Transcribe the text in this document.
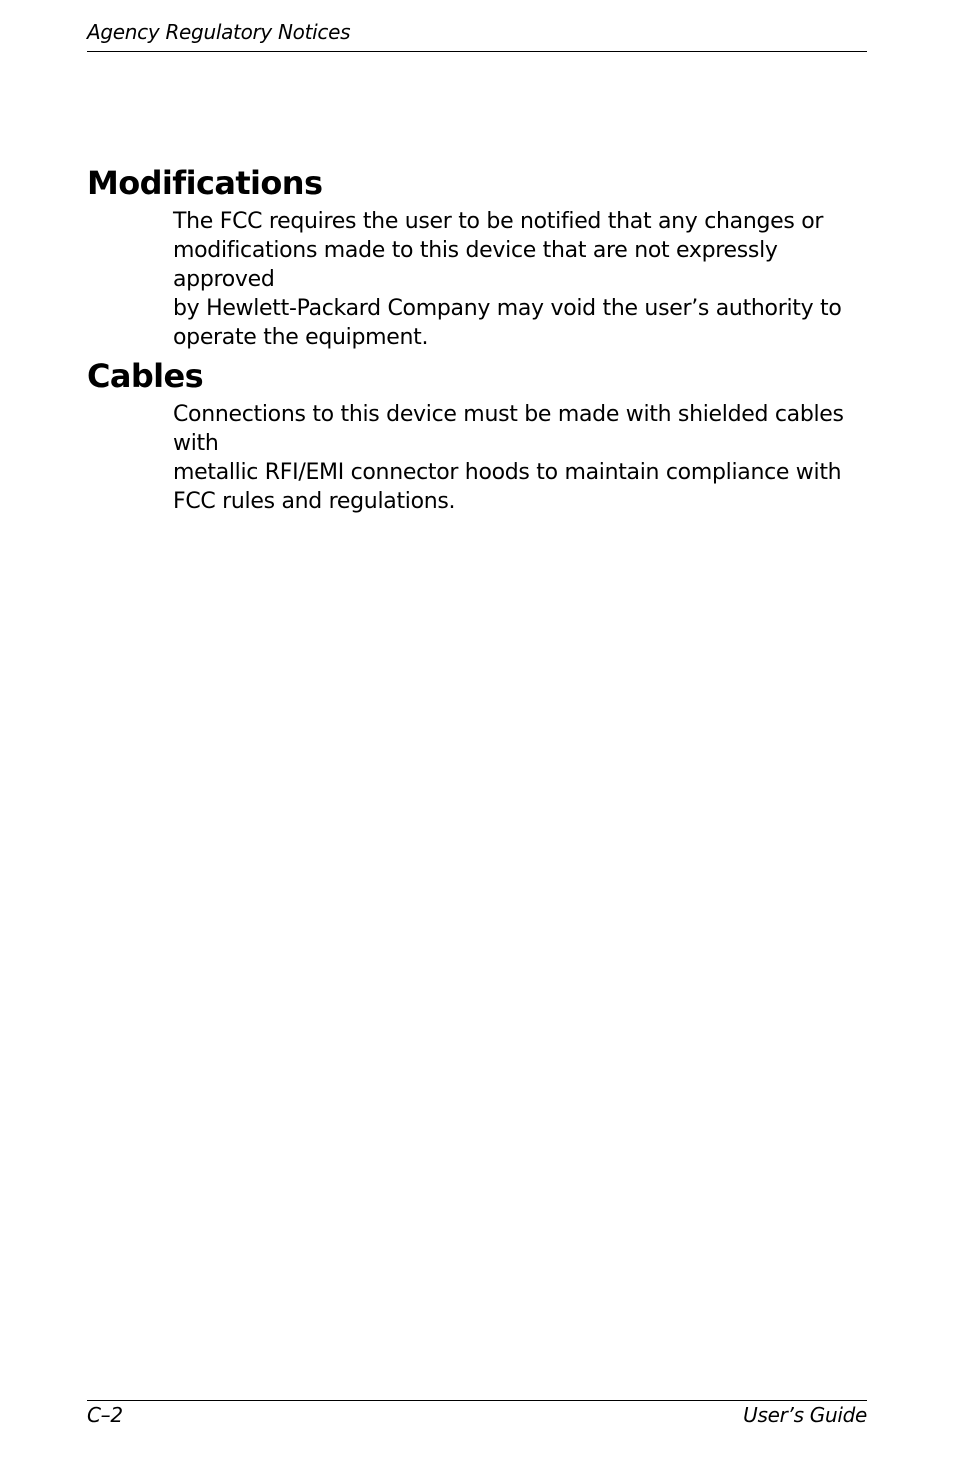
Agency Regulatory Notices
Modifications

The FCC requires the user to be notified that any changes or
modifications made to this device that are not expressly approved
by Hewlett-Packard Company may void the user’s authority to
operate the equipment.

Cables

Connections to this device must be made with shielded cables with
metallic RFI/EMI connector hoods to maintain compliance with
FCC rules and regulations.

C–2	User’s Guide
